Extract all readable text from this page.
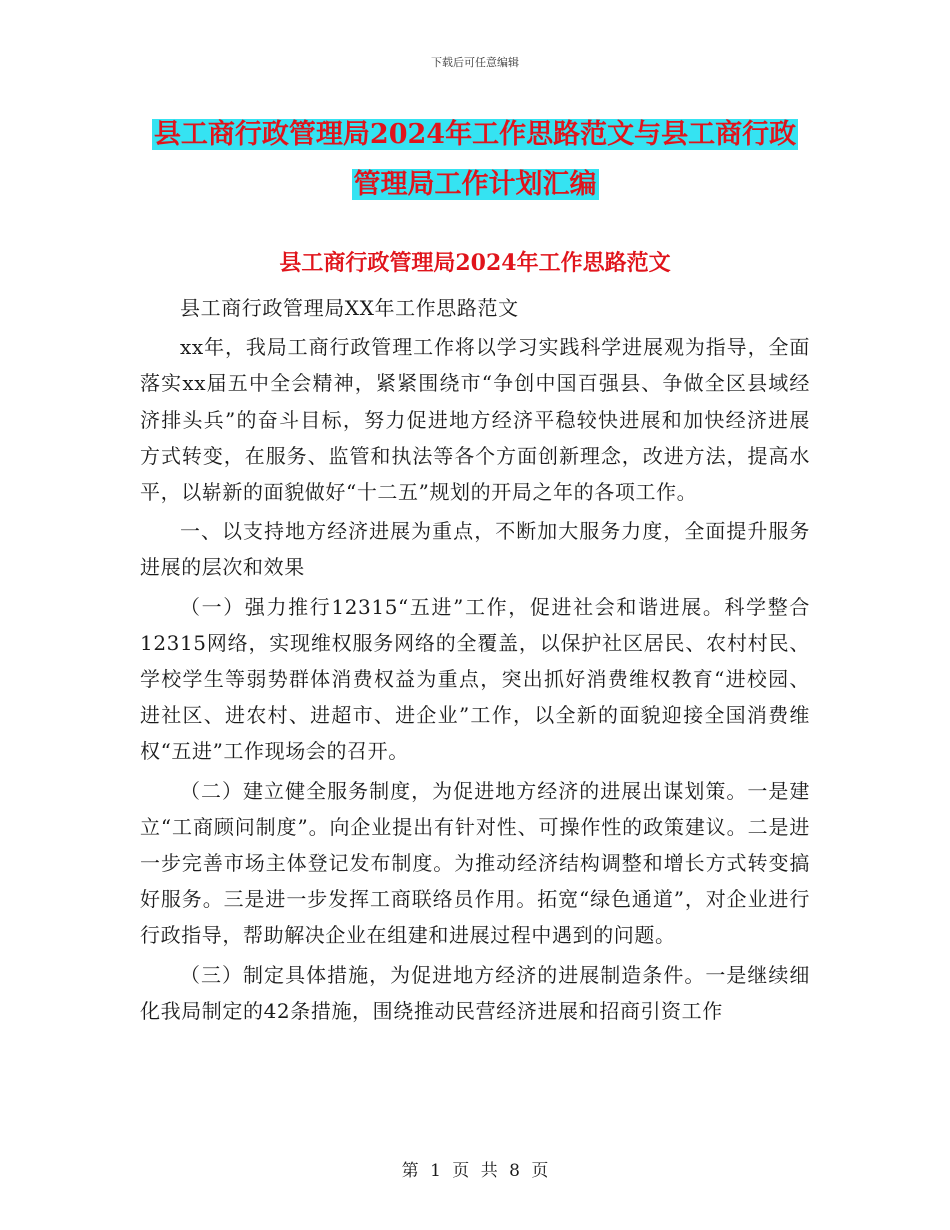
下载后可任意编辑
县工商行政管理局2024年工作思路范文与县工商行政
管理局工作计划汇编
县工商行政管理局2024年工作思路范文

县工商行政管理局XX年工作思路范文

xx年，我局工商行政管理工作将以学习实践科学进展观为指导，全面落实xx届五中全会精神，紧紧围绕市“争创中国百强县、争做全区县域经济排头兵”的奋斗目标，努力促进地方经济平稳较快进展和加快经济进展方式转变，在服务、监管和执法等各个方面创新理念，改进方法，提高水平，以崭新的面貌做好“十二五”规划的开局之年的各项工作。

一、以支持地方经济进展为重点，不断加大服务力度，全面提升服务进展的层次和效果

（一）强力推行12315“五进”工作，促进社会和谐进展。科学整合12315网络，实现维权服务网络的全覆盖，以保护社区居民、农村村民、学校学生等弱势群体消费权益为重点，突出抓好消费维权教育“进校园、进社区、进农村、进超市、进企业”工作，以全新的面貌迎接全国消费维权“五进”工作现场会的召开。

（二）建立健全服务制度，为促进地方经济的进展出谋划策。一是建立“工商顾问制度”。向企业提出有针对性、可操作性的政策建议。二是进一步完善市场主体登记发布制度。为推动经济结构调整和增长方式转变搞好服务。三是进一步发挥工商联络员作用。拓宽“绿色通道”，对企业进行行政指导，帮助解决企业在组建和进展过程中遇到的问题。

（三）制定具体措施，为促进地方经济的进展制造条件。一是继续细化我局制定的42条措施，围绕推动民营经济进展和招商引资工作

第 1 页 共 8 页
